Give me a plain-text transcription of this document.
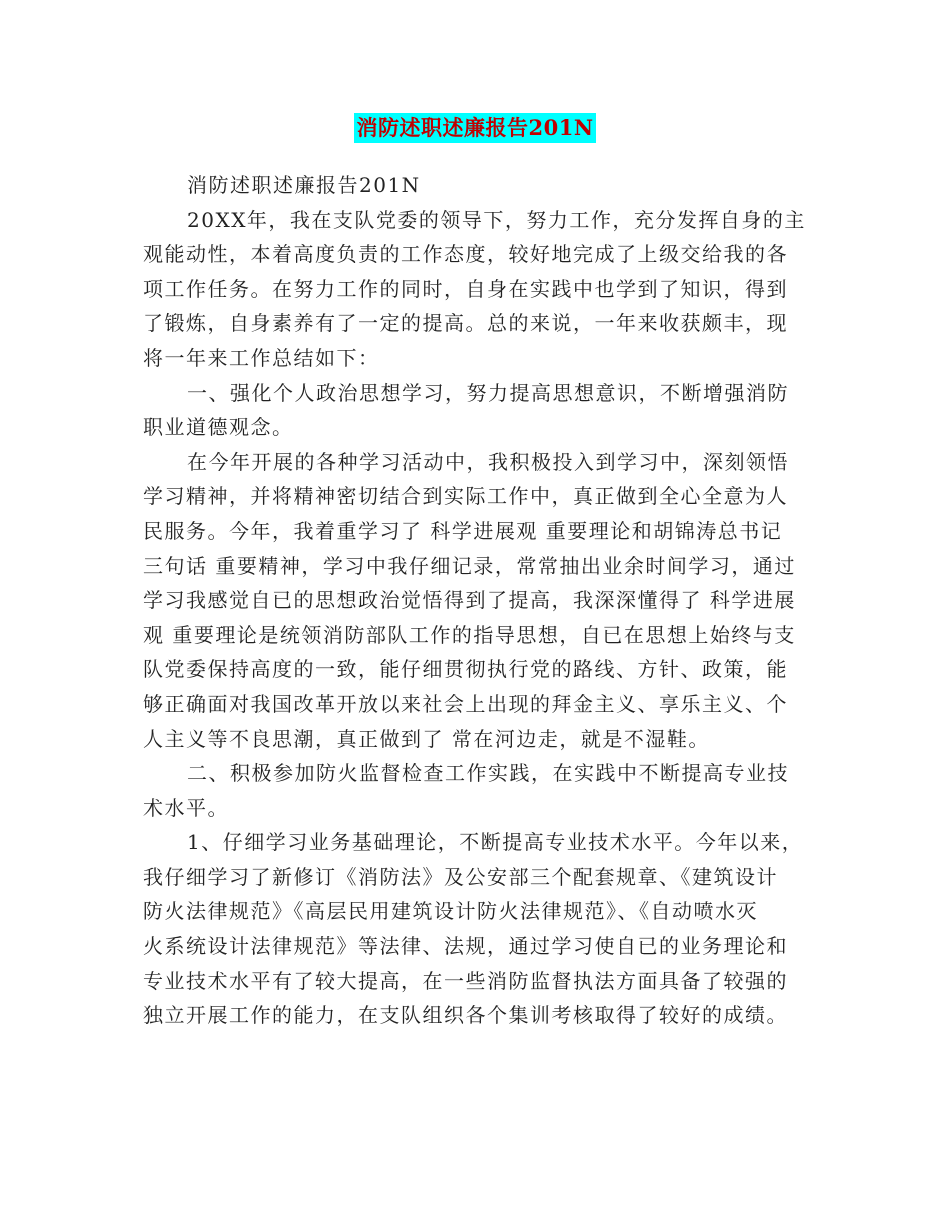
消防述职述廉报告201N
消防述职述廉报告201N
20XX年，我在支队党委的领导下，努力工作，充分发挥自身的主
观能动性，本着高度负责的工作态度，较好地完成了上级交给我的各
项工作任务。在努力工作的同时，自身在实践中也学到了知识，得到
了锻炼，自身素养有了一定的提高。总的来说，一年来收获颇丰，现
将一年来工作总结如下：
一、强化个人政治思想学习，努力提高思想意识，不断增强消防
职业道德观念。
在今年开展的各种学习活动中，我积极投入到学习中，深刻领悟
学习精神，并将精神密切结合到实际工作中，真正做到全心全意为人
民服务。今年，我着重学习了 科学进展观 重要理论和胡锦涛总书记
三句话 重要精神，学习中我仔细记录，常常抽出业余时间学习，通过
学习我感觉自已的思想政治觉悟得到了提高，我深深懂得了 科学进展
观 重要理论是统领消防部队工作的指导思想，自已在思想上始终与支
队党委保持高度的一致，能仔细贯彻执行党的路线、方针、政策，能
够正确面对我国改革开放以来社会上出现的拜金主义、享乐主义、个
人主义等不良思潮，真正做到了 常在河边走，就是不湿鞋。
二、积极参加防火监督检查工作实践，在实践中不断提高专业技
术水平。
1、仔细学习业务基础理论，不断提高专业技术水平。今年以来，
我仔细学习了新修订《消防法》及公安部三个配套规章、《建筑设计
防火法律规范》《高层民用建筑设计防火法律规范》、《自动喷水灭
火系统设计法律规范》等法律、法规，通过学习使自已的业务理论和
专业技术水平有了较大提高，在一些消防监督执法方面具备了较强的
独立开展工作的能力，在支队组织各个集训考核取得了较好的成绩。
